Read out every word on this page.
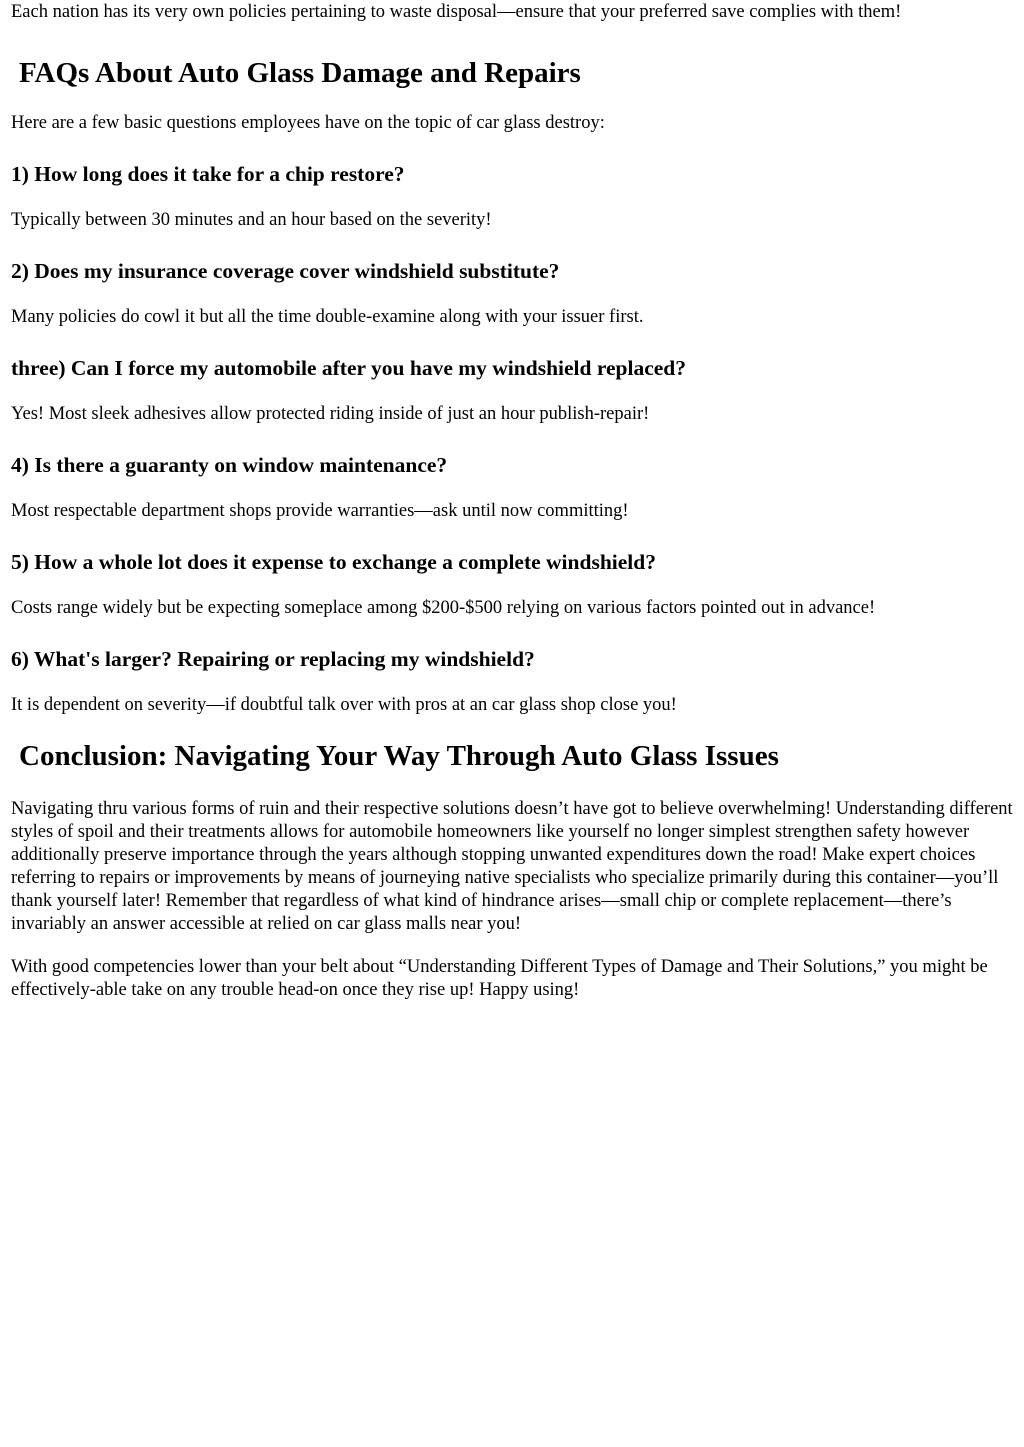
Each nation has its very own policies pertaining to waste disposal—ensure that your preferred save complies with them!

FAQs About Auto Glass Damage and Repairs

Here are a few basic questions employees have on the topic of car glass destroy:

1) How long does it take for a chip restore?

Typically between 30 minutes and an hour based on the severity!

2) Does my insurance coverage cover windshield substitute?

Many policies do cowl it but all the time double-examine along with your issuer first.

three) Can I force my automobile after you have my windshield replaced?

Yes! Most sleek adhesives allow protected riding inside of just an hour publish-repair!

4) Is there a guaranty on window maintenance?

Most respectable department shops provide warranties—ask until now committing!

5) How a whole lot does it expense to exchange a complete windshield?

Costs range widely but be expecting someplace among $200-$500 relying on various factors pointed out in advance!

6) What's larger? Repairing or replacing my windshield?

It is dependent on severity—if doubtful talk over with pros at an car glass shop close you!

Conclusion: Navigating Your Way Through Auto Glass Issues

Navigating thru various forms of ruin and their respective solutions doesn’t have got to believe overwhelming! Understanding different styles of spoil and their treatments allows for automobile homeowners like yourself no longer simplest strengthen safety however additionally preserve importance through the years although stopping unwanted expenditures down the road! Make expert choices referring to repairs or improvements by means of journeying native specialists who specialize primarily during this container—you’ll thank yourself later! Remember that regardless of what kind of hindrance arises—small chip or complete replacement—there’s invariably an answer accessible at relied on car glass malls near you!

With good competencies lower than your belt about “Understanding Different Types of Damage and Their Solutions,” you might be effectively-able take on any trouble head-on once they rise up! Happy using!
